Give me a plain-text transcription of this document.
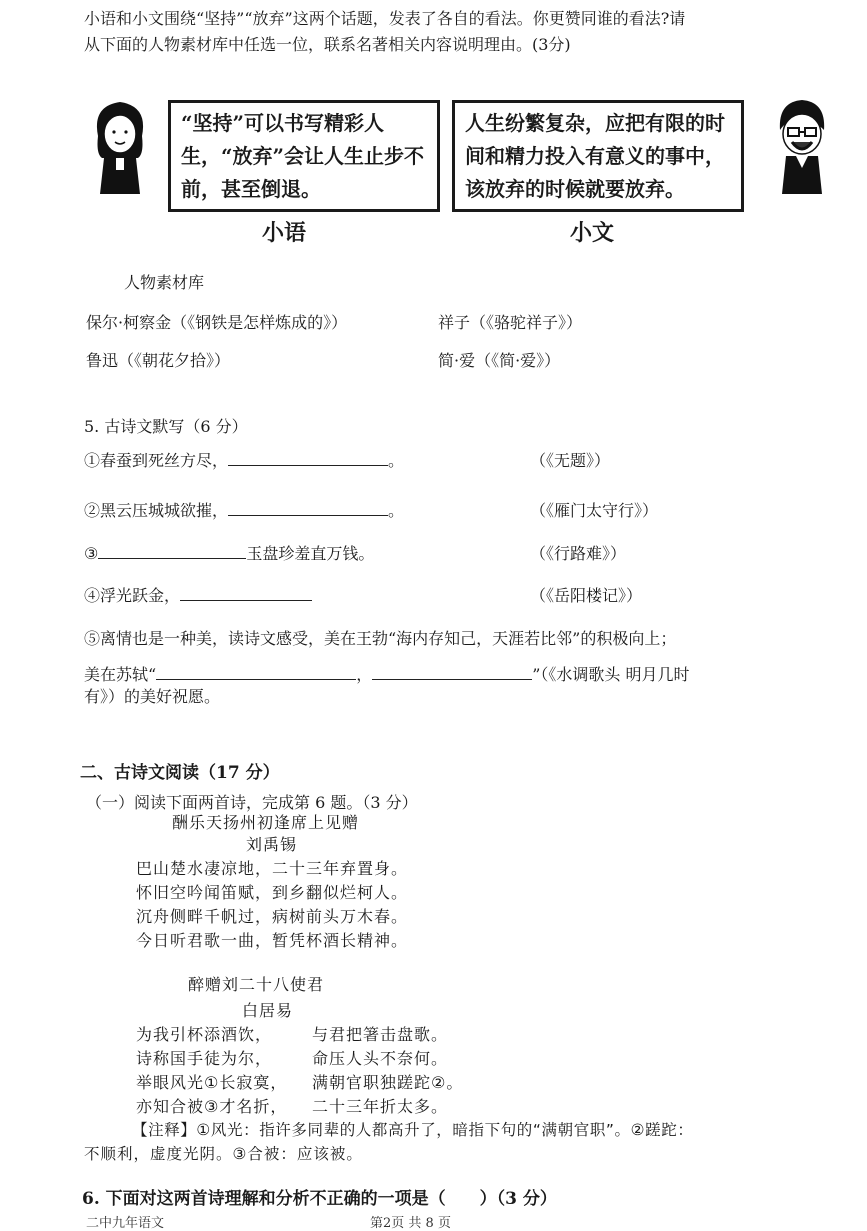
小语和小文围绕“坚持”“放弃”这两个话题，发表了各自的看法。你更赞同谁的看法?请
从下面的人物素材库中任选一位，联系名著相关内容说明理由。(3分)
“坚持”可以书写精彩人生，“放弃”会让人生止步不前，甚至倒退。
人生纷繁复杂，应把有限的时间和精力投入有意义的事中，该放弃的时候就要放弃。
小语	小文
人物素材库
保尔·柯察金（《钢铁是怎样炼成的》）	祥子（《骆驼祥子》）
鲁迅（《朝花夕拾》）	简·爱（《简·爱》）
5. 古诗文默写（6 分）
①春蚕到死丝方尽，	。	（《无题》）
②黑云压城城欲摧，	。	（《雁门太守行》）
③	玉盘珍羞直万钱。	（《行路难》）
④浮光跃金，	（《岳阳楼记》）
⑤离情也是一种美，读诗文感受，美在王勃“海内存知己，天涯若比邻”的积极向上；
美在苏轼“	，	”（《水调歌头 明月几时
有》）的美好祝愿。
二、古诗文阅读（17 分）
（一）阅读下面两首诗，完成第 6 题。（3 分）
酬乐天扬州初逢席上见赠
刘禹锡
巴山楚水凄凉地，二十三年弃置身。
怀旧空吟闻笛赋，到乡翻似烂柯人。
沉舟侧畔千帆过，病树前头万木春。
今日听君歌一曲，暂凭杯酒长精神。
醉赠刘二十八使君
白居易
为我引杯添酒饮， 与君把箸击盘歌。
诗称国手徒为尔， 命压人头不奈何。
举眼风光①长寂寞， 满朝官职独蹉跎②。
亦知合被③才名折， 二十三年折太多。
【注释】①风光：指许多同辈的人都高升了，暗指下句的“满朝官职”。②蹉跎：
不顺利，虚度光阴。③合被：应该被。
6. 下面对这两首诗理解和分析不正确的一项是（　　）（3 分）
二中九年语文	第2页 共 8 页
